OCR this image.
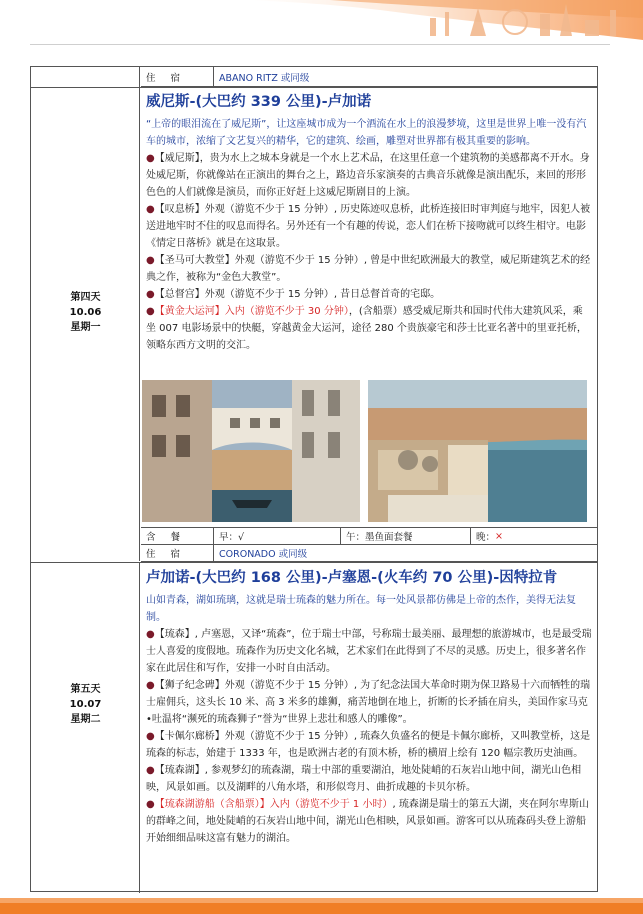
住 宿	ABANO RITZ 或同级
第四天
10.06
星期一
威尼斯-(大巴约 339 公里)-卢加诺
“上帝的眼泪流在了威尼斯”，让这座城市成为一个酒流在水上的浪漫梦境，这里是世界上唯一没有汽车的城市，浓缩了文艺复兴的精华，它的建筑、绘画，雕塑对世界都有极其重要的影响。
●【威尼斯】，贵为水上之城本身就是一个水上艺术品，在这里任意一个建筑物的美感都离不开水。身处威尼斯，你就像站在正演出的舞台之上，路边音乐家演奏的古典音乐就像是演出配乐，来回的形形色色的人们就像是演员，而你正好赶上这威尼斯剧目的上演。
●【叹息桥】外观（游览不少于 15 分钟）, 历史陈迹叹息桥，此桥连接旧时审判庭与地牢，因犯人被送进地牢时不住的叹息而得名。另外还有一个有趣的传说，恋人们在桥下接吻就可以终生相守。电影《情定日落桥》就是在这取景。
●【圣马可大教堂】外观（游览不少于 15 分钟）, 曾是中世纪欧洲最大的教堂，威尼斯建筑艺术的经典之作，被称为“金色大教堂”。
●【总督宫】外观（游览不少于 15 分钟）, 昔日总督首奇的宅邸。
●【黄金大运河】入内（游览不少于 30 分钟），(含船票）感受威尼斯共和国时代伟大建筑风采，乘坐 007 电影场景中的快艇，穿越黄金大运河，途径 280 个贵族豪宅和莎士比亚名著中的里亚托桥，领略东西方文明的交汇。
含 餐	早：√	午：墨鱼面套餐	晚： ×
住 宿	CORONADO 或同级
第五天
10.07
星期二
卢加诺-(大巴约 168 公里)-卢塞恩-(火车约 70 公里)-因特拉肯
山如青森，湖如琉璃，这就是瑞士琉森的魅力所在。每一处风景都仿佛是上帝的杰作，美得无法复制。
●【琉森】, 卢塞恩，又译“琉森”，位于瑞士中部，号称瑞士最美丽、最理想的旅游城市，也是最受瑞士人喜爱的度假地。琉森作为历史文化名城，艺术家们在此得到了不尽的灵感。历史上，很多著名作家在此居住和写作，安排一小时自由活动。
●【狮子纪念碑】外观（游览不少于 15 分钟）, 为了纪念法国大革命时期为保卫路易十六而牺牲的瑞士雇佣兵，这头长 10 米、高 3 米多的雄狮，痛苦地倒在地上，折断的长矛插在肩头，美国作家马克•吐温将“濒死的琉森狮子”誉为“世界上悲壮和感人的雕像”。
●【卡佩尔廊桥】外观（游览不少于 15 分钟）, 琉森久负盛名的便是卡佩尔廊桥，又叫教堂桥，这是琉森的标志，始建于 1333 年，也是欧洲古老的有顶木桥，桥的横眉上绘有 120 幅宗教历史油画。
●【琉森湖】, 参观梦幻的琉森湖，瑞士中部的重要湖泊，地处陡峭的石灰岩山地中间，湖光山色相映，风景如画。以及湖畔的八角水塔，和形似弯月、曲折成趣的卡贝尔桥。
●【琉森湖游船（含船票）】入内（游览不少于 1 小时）, 琉森湖是瑞士的第五大湖，夹在阿尔卑斯山的群峰之间，地处陡峭的石灰岩山地中间，湖光山色相映，风景如画。游客可以从琉森码头登上游船开始细细品味这富有魅力的湖泊。
